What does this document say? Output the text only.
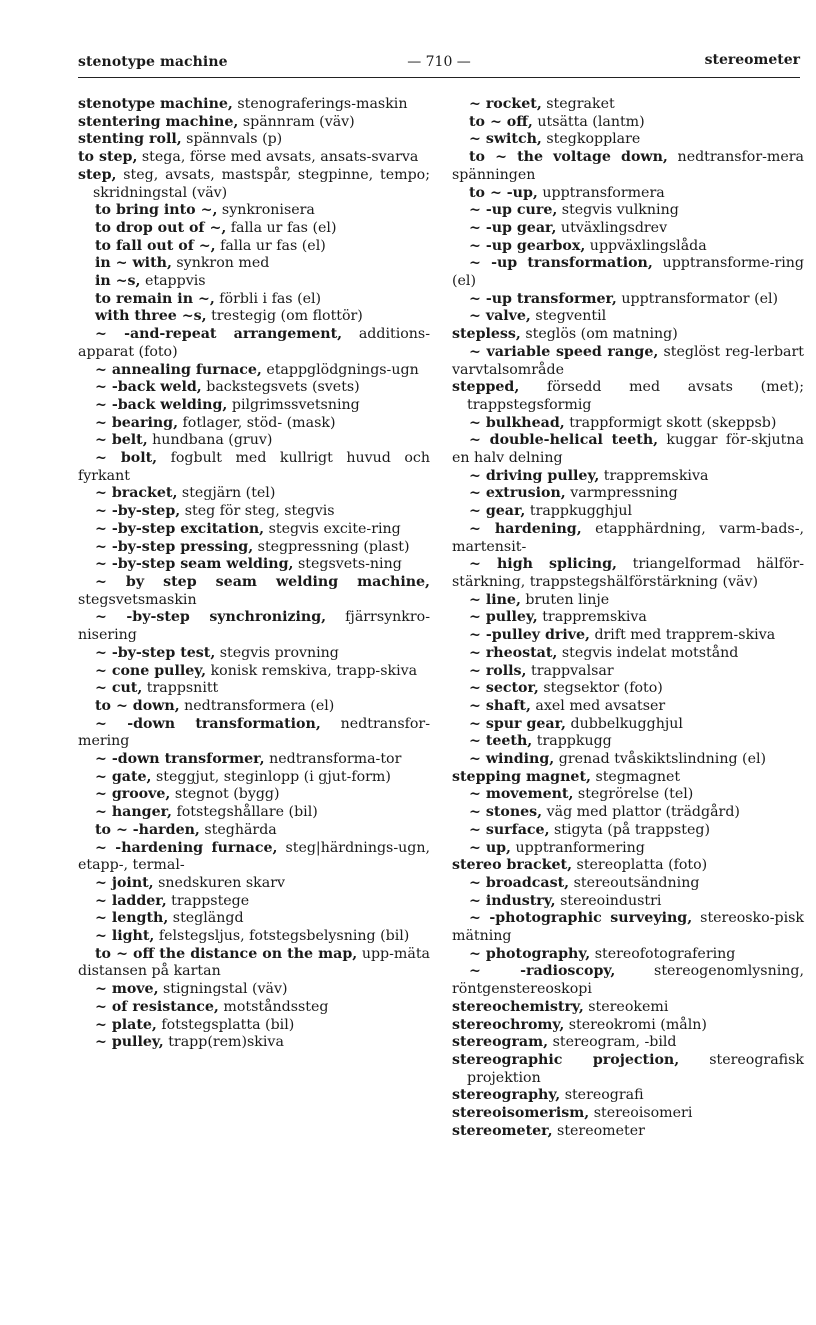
stenotype machine	— 710 —	stereometer

stenotype machine, stenograferings-maskin

stentering machine, spännram (väv)

stenting roll, spännvals (p)

to step, stega, förse med avsats, ansats-svarva

step, steg, avsats, mastspår, stegpinne, tempo; skridningstal (väv)

to bring into ~, synkronisera

to drop out of ~, falla ur fas (el)

to fall out of ~, falla ur fas (el)

in ~ with, synkron med

in ~s, etappvis

to remain in ~, förbli i fas (el)

with three ~s, trestegig (om flottör)

~ -and-repeat arrangement, additions-apparat (foto)

~ annealing furnace, etappglödgnings-ugn

~ -back weld, backstegsvets (svets)

~ -back welding, pilgrimssvetsning

~ bearing, fotlager, stöd- (mask)

~ belt, hundbana (gruv)

~ bolt, fogbult med kullrigt huvud och fyrkant

~ bracket, stegjärn (tel)

~ -by-step, steg för steg, stegvis

~ -by-step excitation, stegvis excite-ring

~ -by-step pressing, stegpressning (plast)

~ -by-step seam welding, stegsvets-ning

~ by step seam welding machine, stegsvetsmaskin

~ -by-step synchronizing, fjärrsynkro-nisering

~ -by-step test, stegvis provning

~ cone pulley, konisk remskiva, trapp-skiva

~ cut, trappsnitt

to ~ down, nedtransformera (el)

~ -down transformation, nedtransfor-mering

~ -down transformer, nedtransforma-tor

~ gate, steggjut, steginlopp (i gjut-form)

~ groove, stegnot (bygg)

~ hanger, fotstegshållare (bil)

to ~ -harden, steghärda

~ -hardening furnace, steg|härdnings-ugn, etapp-, termal-

~ joint, snedskuren skarv

~ ladder, trappstege

~ length, steglängd

~ light, felstegsljus, fotstegsbelysning (bil)

to ~ off the distance on the map, upp-mäta distansen på kartan

~ move, stigningstal (väv)

~ of resistance, motståndssteg

~ plate, fotstegsplatta (bil)

~ pulley, trapp(rem)skiva

~ rocket, stegraket

to ~ off, utsätta (lantm)

~ switch, stegkopplare

to ~ the voltage down, nedtransfor-mera spänningen

to ~ -up, upptransformera

~ -up cure, stegvis vulkning

~ -up gear, utväxlingsdrev

~ -up gearbox, uppväxlingslåda

~ -up transformation, upptransforme-ring (el)

~ -up transformer, upptransformator (el)

~ valve, stegventil

stepless, steglös (om matning)

~ variable speed range, steglöst reg-lerbart varvtalsområde

stepped, försedd med avsats (met); trappstegsformig

~ bulkhead, trappformigt skott (skeppsb)

~ double-helical teeth, kuggar för-skjutna en halv delning

~ driving pulley, trappremskiva

~ extrusion, varmpressning

~ gear, trappkugghjul

~ hardening, etapphärdning, varm-bads-, martensit-

~ high splicing, triangelformad hälför-stärkning, trappstegshälförstärkning (väv)

~ line, bruten linje

~ pulley, trappremskiva

~ -pulley drive, drift med trapprem-skiva

~ rheostat, stegvis indelat motstånd

~ rolls, trappvalsar

~ sector, stegsektor (foto)

~ shaft, axel med avsatser

~ spur gear, dubbelkugghjul

~ teeth, trappkugg

~ winding, grenad tvåskiktslindning (el)

stepping magnet, stegmagnet

~ movement, stegrörelse (tel)

~ stones, väg med plattor (trädgård)

~ surface, stigyta (på trappsteg)

~ up, upptranformering

stereo bracket, stereoplatta (foto)

~ broadcast, stereoutsändning

~ industry, stereoindustri

~ -photographic surveying, stereosko-pisk mätning

~ photography, stereofotografering

~ -radioscopy, stereogenomlysning, röntgenstereoskopi

stereochemistry, stereokemi

stereochromy, stereokromi (måln)

stereogram, stereogram, -bild

stereographic projection, stereografisk projektion

stereography, stereografi

stereoisomerism, stereoisomeri

stereometer, stereometer
